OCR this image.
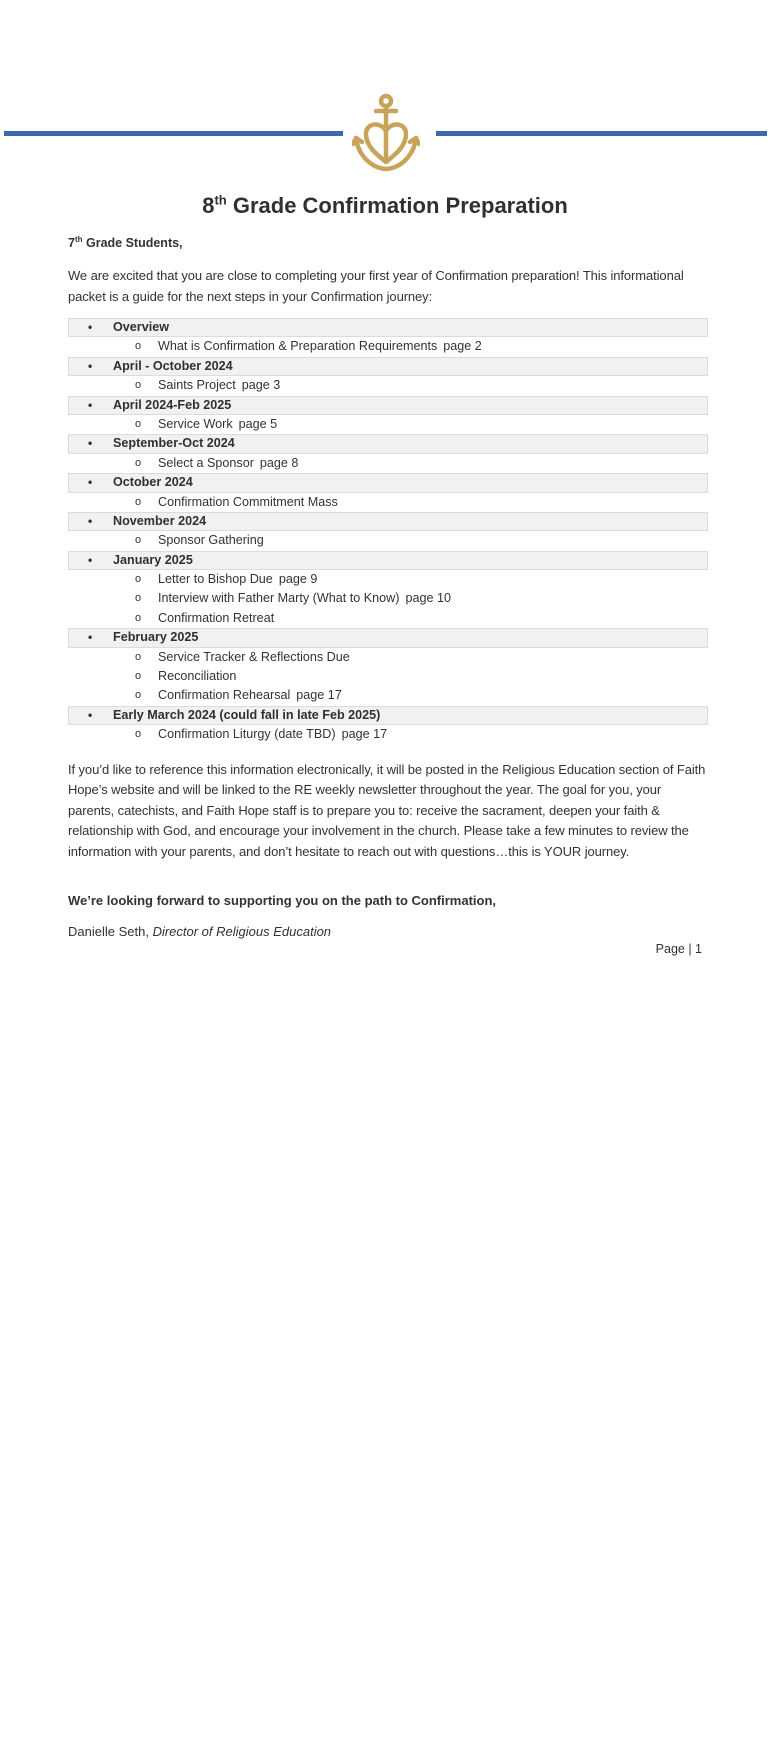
8th Grade Confirmation Preparation

7th Grade Students,

We are excited that you are close to completing your first year of Confirmation preparation! This informational packet is a guide for the next steps in your Confirmation journey:

• Overview
o What is Confirmation & Preparation Requirements page 2
• April - October 2024
o Saints Project page 3
• April 2024-Feb 2025
o Service Work page 5
• September-Oct 2024
o Select a Sponsor page 8
• October 2024
o Confirmation Commitment Mass
• November 2024
o Sponsor Gathering
• January 2025
o Letter to Bishop Due page 9
o Interview with Father Marty (What to Know) page 10
o Confirmation Retreat
• February 2025
o Service Tracker & Reflections Due
o Reconciliation
o Confirmation Rehearsal page 17
• Early March 2024 (could fall in late Feb 2025)
o Confirmation Liturgy (date TBD) page 17

If you’d like to reference this information electronically, it will be posted in the Religious Education section of Faith Hope’s website and will be linked to the RE weekly newsletter throughout the year. The goal for you, your parents, catechists, and Faith Hope staff is to prepare you to: receive the sacrament, deepen your faith & relationship with God, and encourage your involvement in the church. Please take a few minutes to review the information with your parents, and don’t hesitate to reach out with questions…this is YOUR journey.

We’re looking forward to supporting you on the path to Confirmation,

Danielle Seth, Director of Religious Education

Page | 1
